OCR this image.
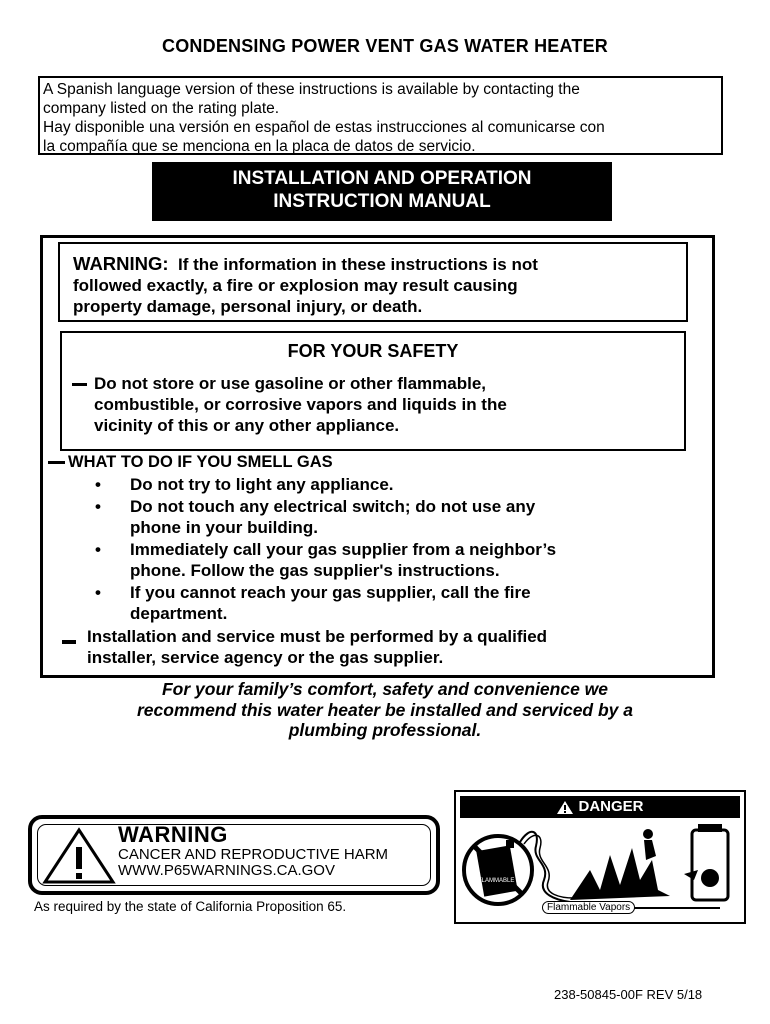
CONDENSING POWER VENT GAS WATER HEATER

A Spanish language version of these instructions is available by contacting the

company listed on the rating plate.

Hay disponible una versión en español de estas instrucciones al comunicarse con

la compañía que se menciona en la placa de datos de servicio.

INSTALLATION AND OPERATION
INSTRUCTION MANUAL
WARNING: If the information in these instructions is not
followed exactly, a fire or explosion may result causing
property damage, personal injury, or death.
FOR YOUR SAFETY
Do not store or use gasoline or other flammable,
combustible, or corrosive vapors and liquids in the
vicinity of this or any other appliance.
WHAT TO DO IF YOU SMELL GAS
• Do not try to light any appliance.
• Do not touch any electrical switch; do not use any
phone in your building.
• Immediately call your gas supplier from a neighbor’s
phone. Follow the gas supplier's instructions.
• If you cannot reach your gas supplier, call the fire
department.
Installation and service must be performed by a qualified
installer, service agency or the gas supplier.
For your family’s comfort, safety and convenience we
recommend this water heater be installed and serviced by a
plumbing professional.
WARNING
CANCER AND REPRODUCTIVE HARM
WWW.P65WARNINGS.CA.GOV
As required by the state of California Proposition 65.
DANGER
FLAMMABLE
Flammable Vapors
238-50845-00F REV 5/18
